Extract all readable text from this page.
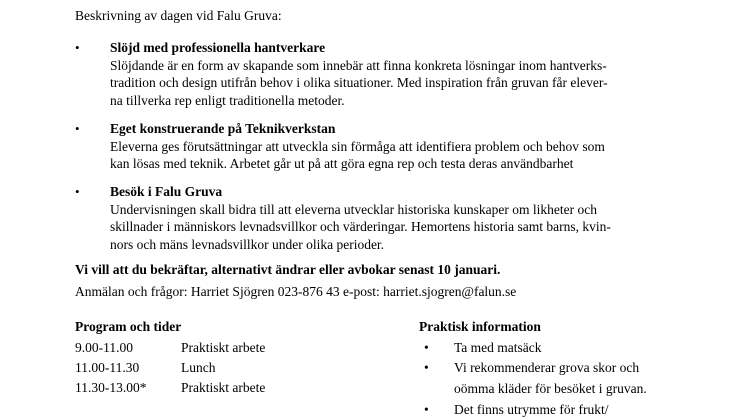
Beskrivning av dagen vid Falu Gruva:
• Slöjd med professionella hantverkare
Slöjdande är en form av skapande som innebär att finna konkreta lösningar inom hantverks-
tradition och design utifrån behov i olika situationer. Med inspiration från gruvan får elever-
na tillverka rep enligt traditionella metoder.
• Eget konstruerande på Teknikverkstan
Eleverna ges förutsättningar att utveckla sin förmåga att identifiera problem och behov som
kan lösas med teknik. Arbetet går ut på att göra egna rep och testa deras användbarhet
• Besök i Falu Gruva
Undervisningen skall bidra till att eleverna utvecklar historiska kunskaper om likheter och
skillnader i människors levnadsvillkor och värderingar. Hemortens historia samt barns, kvin-
nors och mäns levnadsvillkor under olika perioder.
Vi vill att du bekräftar, alternativt ändrar eller avbokar senast 10 januari.
Anmälan och frågor: Harriet Sjögren 023-876 43 e-post: harriet.sjogren@falun.se
Program och tider
9.00-11.00	Praktiskt arbete
11.00-11.30	Lunch
11.30-13.00*	Praktiskt arbete
Praktisk information
• Ta med matsäck
• Vi rekommenderar grova skor och
oömma kläder för besöket i gruvan.
• Det finns utrymme för frukt/
